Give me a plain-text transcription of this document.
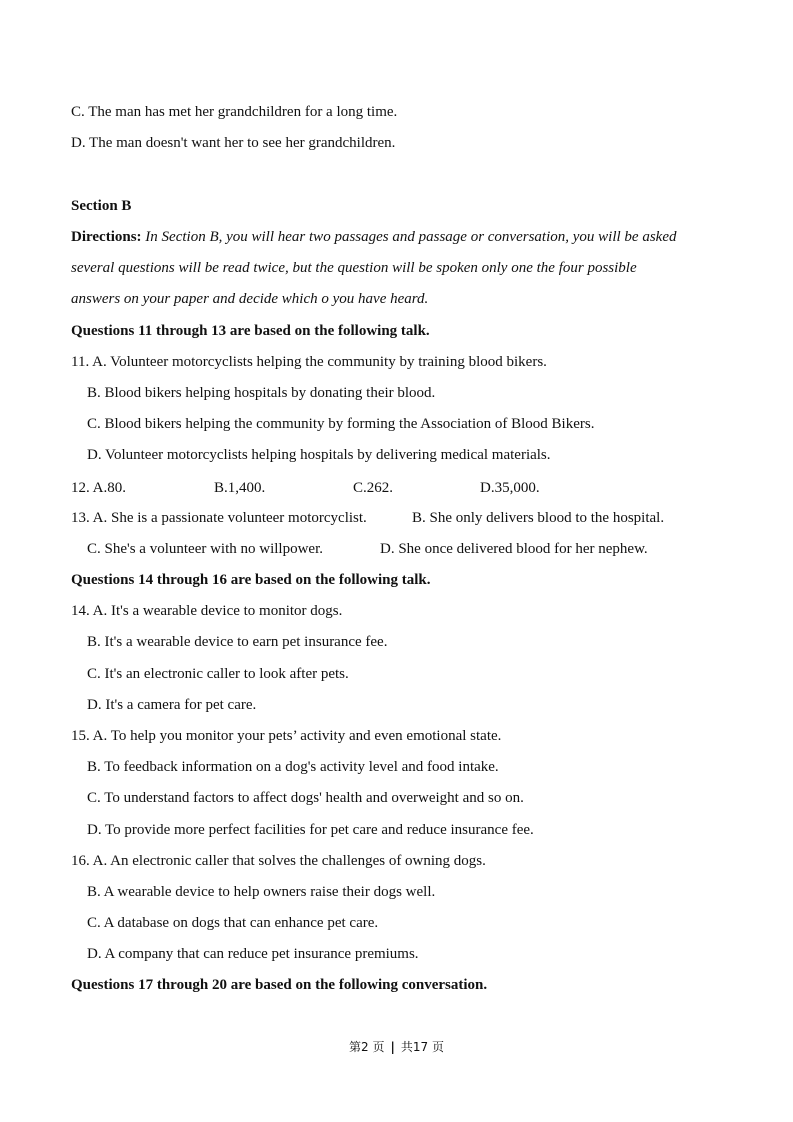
C. The man has met her grandchildren for a long time.
D. The man doesn't want her to see her grandchildren.
Section B
Directions: In Section B, you will hear two passages and passage or conversation, you will be asked
several questions will be read twice, but the question will be spoken only one the four possible
answers on your paper and decide which o you have heard.
Questions 11 through 13 are based on the following talk.
11. A. Volunteer motorcyclists helping the community by training blood bikers.
B. Blood bikers helping hospitals by donating their blood.
C. Blood bikers helping the community by forming the Association of Blood Bikers.
D. Volunteer motorcyclists helping hospitals by delivering medical materials.
12. A.80.	B.1,400.	C.262.	D.35,000.
13. A. She is a passionate volunteer motorcyclist.	B. She only delivers blood to the hospital.
C. She's a volunteer with no willpower.	D. She once delivered blood for her nephew.
Questions 14 through 16 are based on the following talk.
14. A. It's a wearable device to monitor dogs.
B. It's a wearable device to earn pet insurance fee.
C. It's an electronic caller to look after pets.
D. It's a camera for pet care.
15. A. To help you monitor your pets’ activity and even emotional state.
B. To feedback information on a dog's activity level and food intake.
C. To understand factors to affect dogs' health and overweight and so on.
D. To provide more perfect facilities for pet care and reduce insurance fee.
16. A. An electronic caller that solves the challenges of owning dogs.
B. A wearable device to help owners raise their dogs well.
C. A database on dogs that can enhance pet care.
D. A company that can reduce pet insurance premiums.
Questions 17 through 20 are based on the following conversation.
第2 页 | 共17 页
